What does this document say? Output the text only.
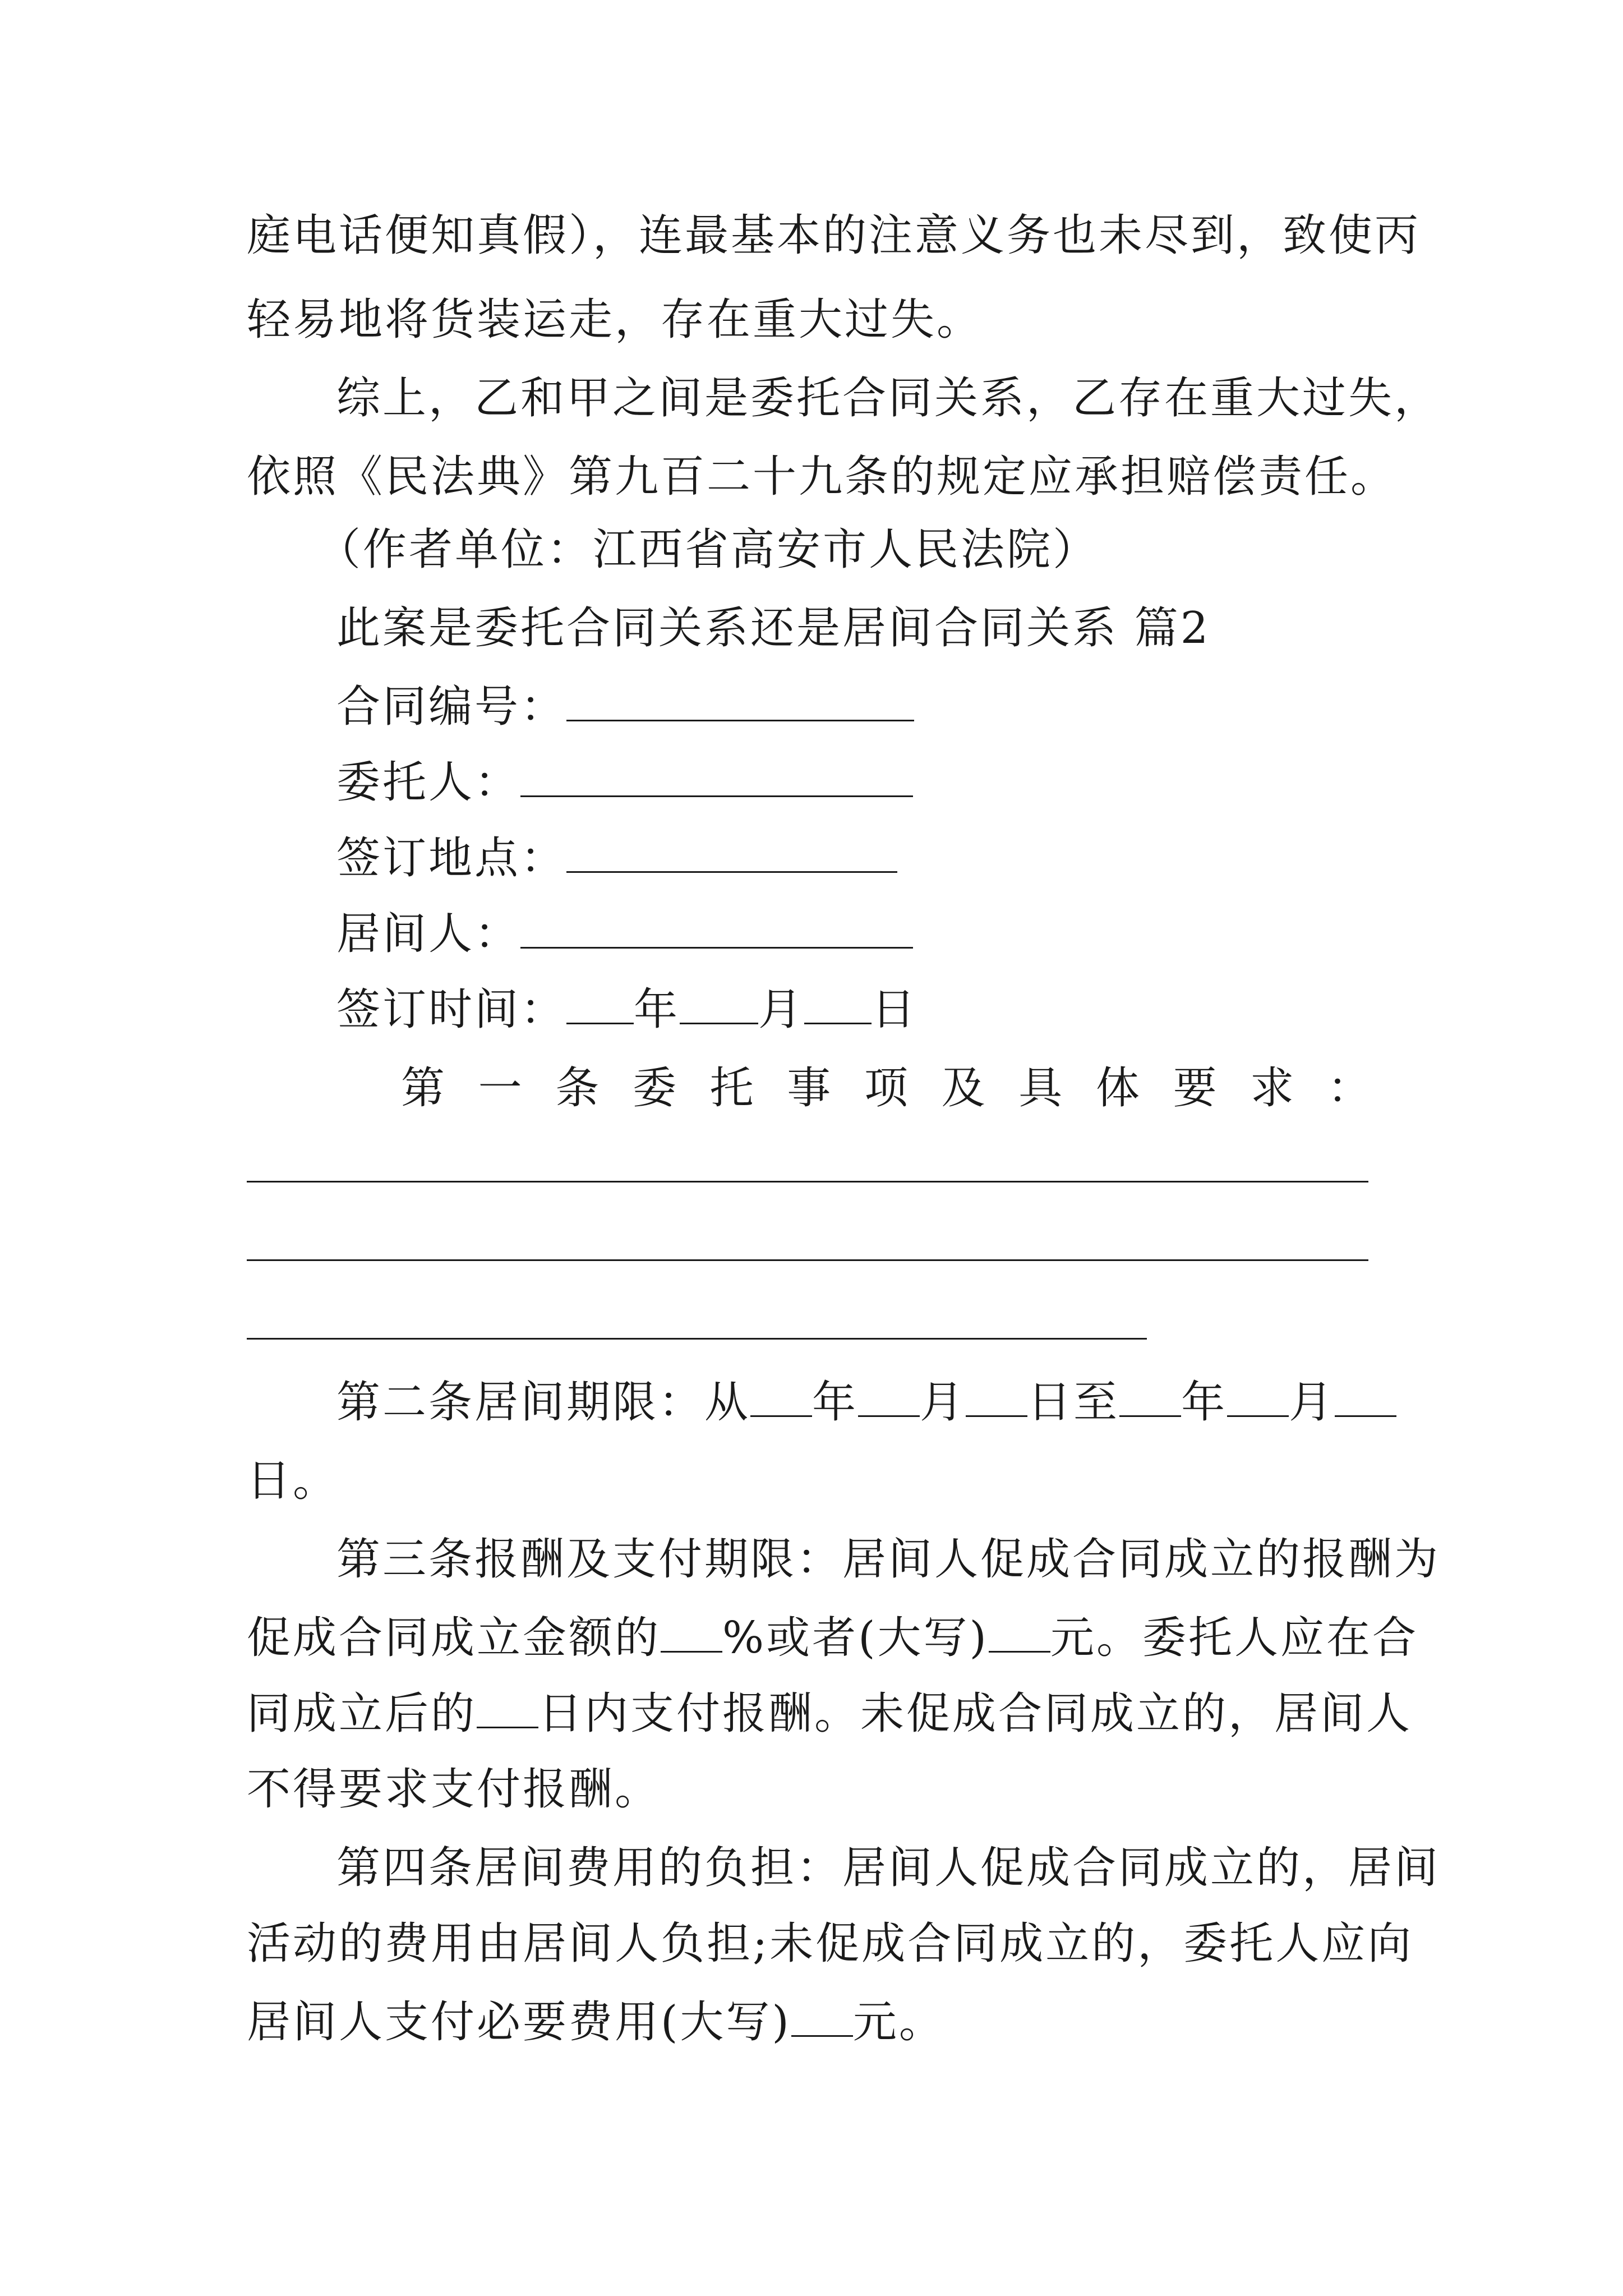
庭电话便知真假），连最基本的注意义务也未尽到，致使丙
轻易地将货装运走，存在重大过失。
综上，乙和甲之间是委托合同关系，乙存在重大过失，
依照《民法典》第九百二十九条的规定应承担赔偿责任。
（作者单位：江西省高安市人民法院）
此案是委托合同关系还是居间合同关系 篇2
合同编号：
委托人：
签订地点：
居间人：
签订时间： 年 月 日
第 一 条 委 托 事 项 及 具 体 要 求 ：
第二条居间期限：从 年 月 日至 年 月
日。
第三条报酬及支付期限：居间人促成合同成立的报酬为
促成合同成立金额的 %或者(大写) 元。委托人应在合
同成立后的 日内支付报酬。未促成合同成立的，居间人
不得要求支付报酬。
第四条居间费用的负担：居间人促成合同成立的，居间
活动的费用由居间人负担;未促成合同成立的，委托人应向
居间人支付必要费用(大写) 元。
